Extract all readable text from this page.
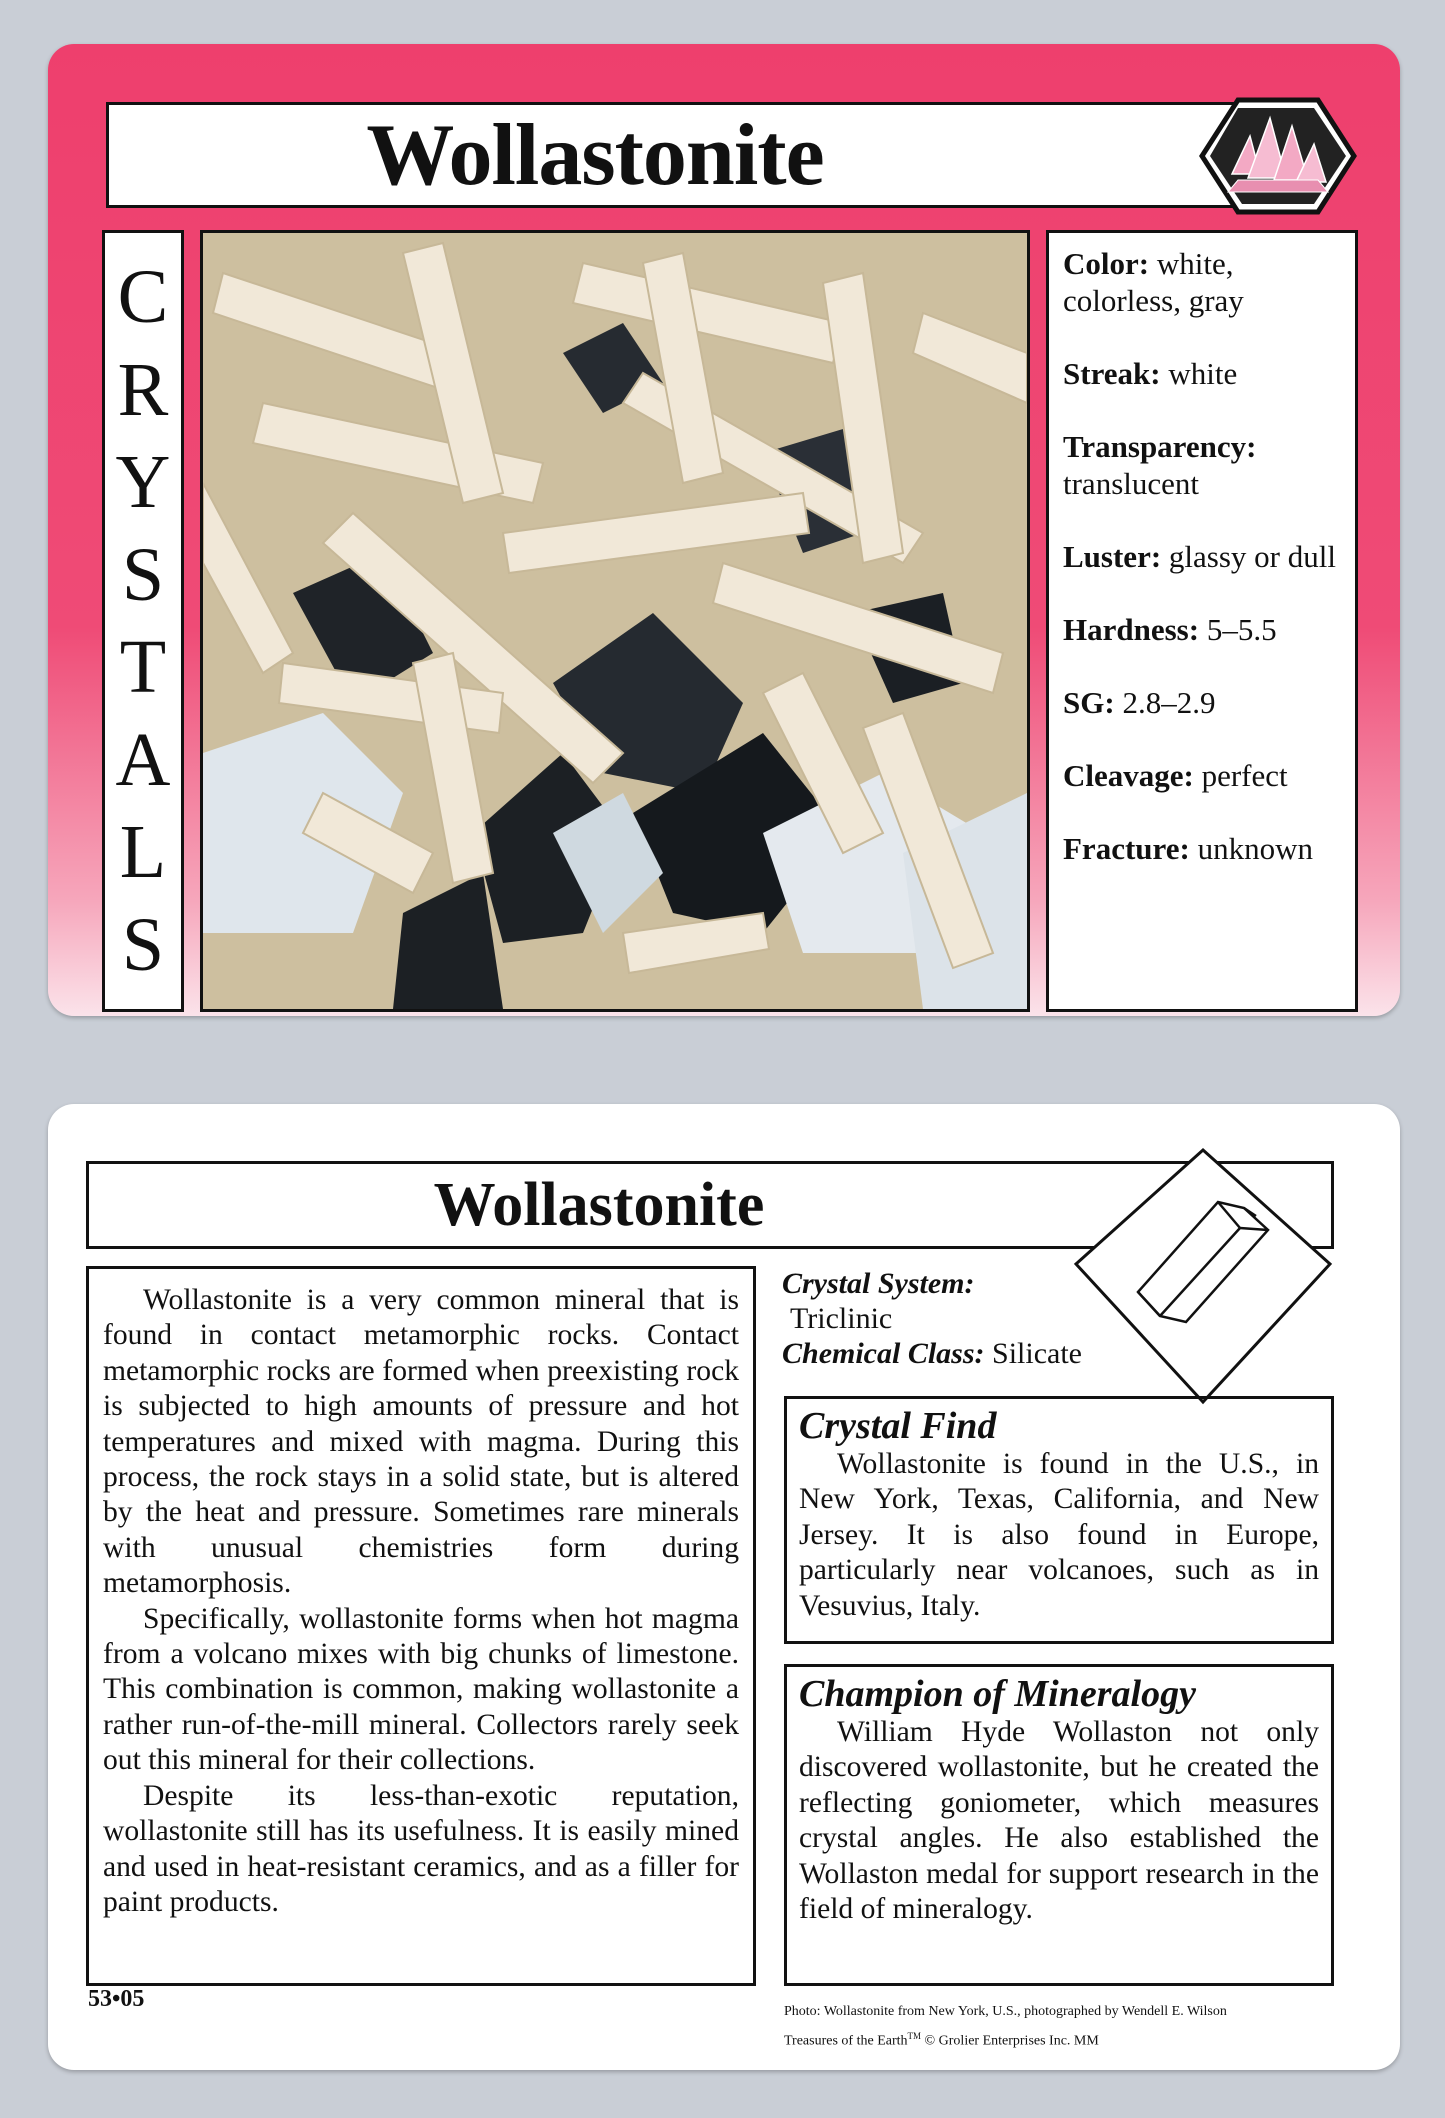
Wollastonite
C
R
Y
S
T
A
L
S
Color: white, colorless, gray
Streak: white
Transparency: translucent
Luster: glassy or dull
Hardness: 5–5.5
SG: 2.8–2.9
Cleavage: perfect
Fracture: unknown
Wollastonite

Wollastonite is a very common mineral that is found in contact metamorphic rocks. Contact metamorphic rocks are formed when preexisting rock is subjected to high amounts of pressure and hot temperatures and mixed with magma. During this process, the rock stays in a solid state, but is altered by the heat and pressure. Sometimes rare minerals with unusual chemistries form during metamorphosis.

Specifically, wollastonite forms when hot magma from a volcano mixes with big chunks of limestone. This combination is common, making wollastonite a rather run-of-the-mill mineral. Collectors rarely seek out this mineral for their collections.

Despite its less-than-exotic reputation, wollastonite still has its usefulness. It is easily mined and used in heat-resistant ceramics, and as a filler for paint products.

Crystal System:
Triclinic
Chemical Class: Silicate
Crystal Find

Wollastonite is found in the U.S., in New York, Texas, California, and New Jersey. It is also found in Europe, particularly near volcanoes, such as in Vesuvius, Italy.

Champion of Mineralogy

William Hyde Wollaston not only discovered wollastonite, but he created the reflecting goniometer, which measures crystal angles. He also established the Wollaston medal for support research in the field of mineralogy.

53•05	Photo: Wollastonite from New York, U.S., photographed by Wendell E. Wilson
Treasures of the Earth™ © Grolier Enterprises Inc. MM
